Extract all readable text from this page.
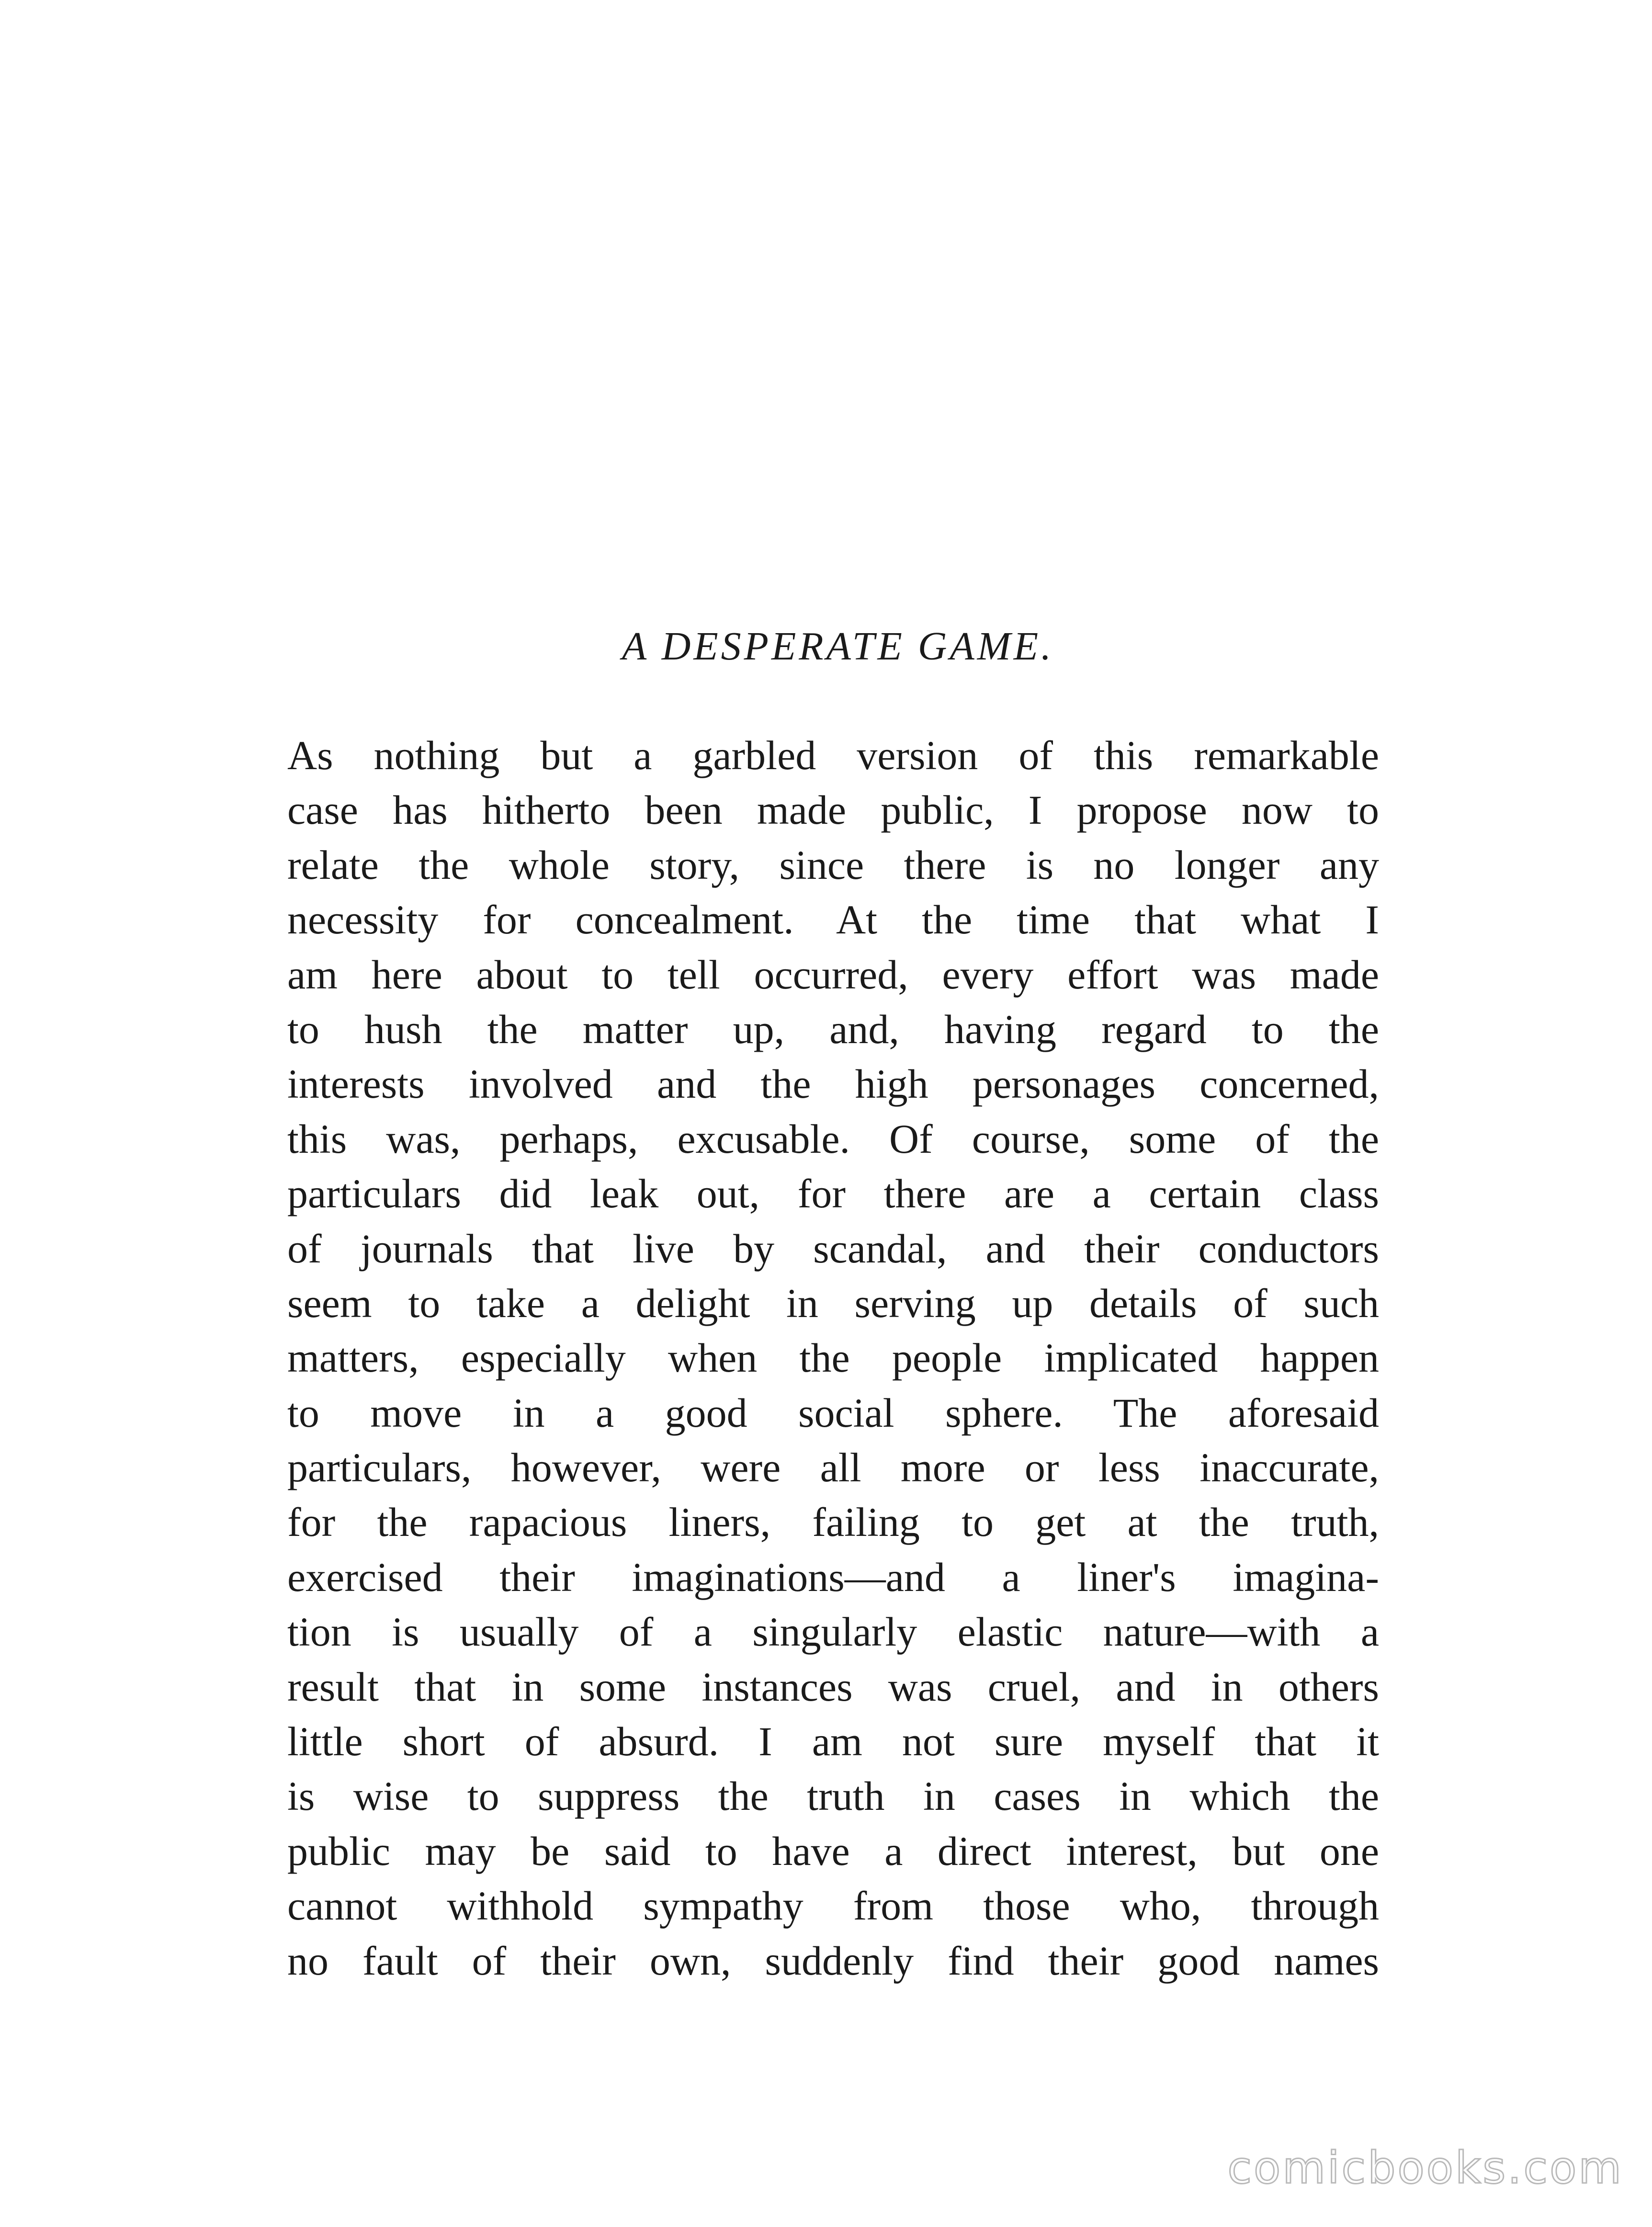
A DESPERATE GAME.
As nothing but a garbled version of this remarkable
case has hitherto been made public, I propose now to
relate the whole story, since there is no longer any
necessity for concealment. At the time that what I
am here about to tell occurred, every effort was made
to hush the matter up, and, having regard to the
interests involved and the high personages concerned,
this was, perhaps, excusable. Of course, some of the
particulars did leak out, for there are a certain class
of journals that live by scandal, and their conductors
seem to take a delight in serving up details of such
matters, especially when the people implicated happen
to move in a good social sphere. The aforesaid
particulars, however, were all more or less inaccurate,
for the rapacious liners, failing to get at the truth,
exercised their imaginations—and a liner's imagina-
tion is usually of a singularly elastic nature—with a
result that in some instances was cruel, and in others
little short of absurd. I am not sure myself that it
is wise to suppress the truth in cases in which the
public may be said to have a direct interest, but one
cannot withhold sympathy from those who, through
no fault of their own, suddenly find their good names
comicbooks.com
